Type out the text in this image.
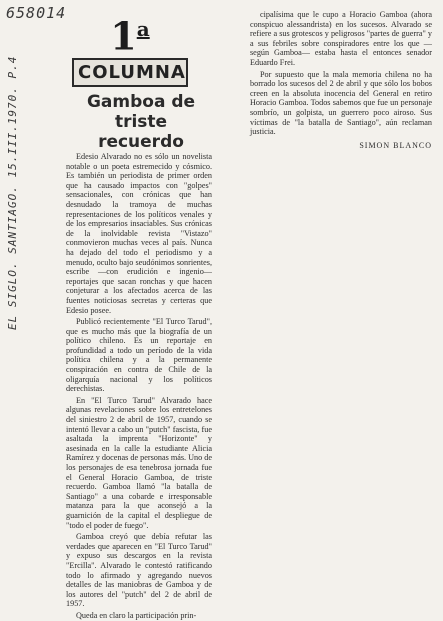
658014
EL SIGLO. SANTIAGO. 15.III.1970. P.4
1$^a$
COLUMNA
Gamboa de
triste recuerdo

Edesio Alvarado no es sólo un novelista notable o un poeta estremecido y cósmico. Es también un periodista de primer orden que ha causado impactos con "golpes" sensacionales, con crónicas que han desnudado la tramoya de muchas representaciones de los políticos venales y de los empresarios insaciables. Sus crónicas de la inolvidable revista "Vistazo" conmovieron muchas veces al país. Nunca ha dejado del todo el periodismo y a menudo, oculto bajo seudónimos sonrientes, escribe —con erudición e ingenio— reportajes que sacan ronchas y que hacen conjeturar a los afectados acerca de las fuentes noticiosas secretas y certeras que Edesio posee.

Publicó recientemente "El Turco Tarud", que es mucho más que la biografía de un político chileno. Es un reportaje en profundidad a todo un período de la vida política chilena y a la permanente conspiración en contra de Chile de la oligarquía nacional y los políticos derechistas.

En "El Turco Tarud" Alvarado hace algunas revelaciones sobre los entretelones del siniestro 2 de abril de 1957, cuando se intentó llevar a cabo un "putch" fascista, fue asaltada la imprenta "Horizonte" y asesinada en la calle la estudiante Alicia Ramírez y docenas de personas más. Uno de los personajes de esa tenebrosa jornada fue el General Horacio Gamboa, de triste recuerdo. Gamboa llamó "la batalla de Santiago" a una cobarde e irresponsable matanza para la que aconsejó a la guarnición de la capital el despliegue de "todo el poder de fuego".

Gamboa creyó que debía refutar las verdades que aparecen en "El Turco Tarud" y expuso sus descargos en la revista "Ercilla". Alvarado le contestó ratificando todo lo afirmado y agregando nuevos detalles de las maniobras de Gamboa y de los autores del "putch" del 2 de abril de 1957.

Queda en claro la participación prin-

cipalísima que le cupo a Horacio Gamboa (ahora conspicuo alessandrista) en los sucesos. Alvarado se refiere a sus grotescos y peligrosos "partes de guerra" y a sus febriles sobre conspiradores entre los que —según Gamboa— estaba hasta el entonces senador Eduardo Frei.

Por supuesto que la mala memoria chilena no ha borrado los sucesos del 2 de abril y que sólo los bobos creen en la absoluta inocencia del General en retiro Horacio Gamboa. Todos sabemos que fue un personaje sombrío, un golpista, un guerrero poco airoso. Sus víctimas de "la batalla de Santiago", aún reclaman justicia.

SIMON BLANCO
